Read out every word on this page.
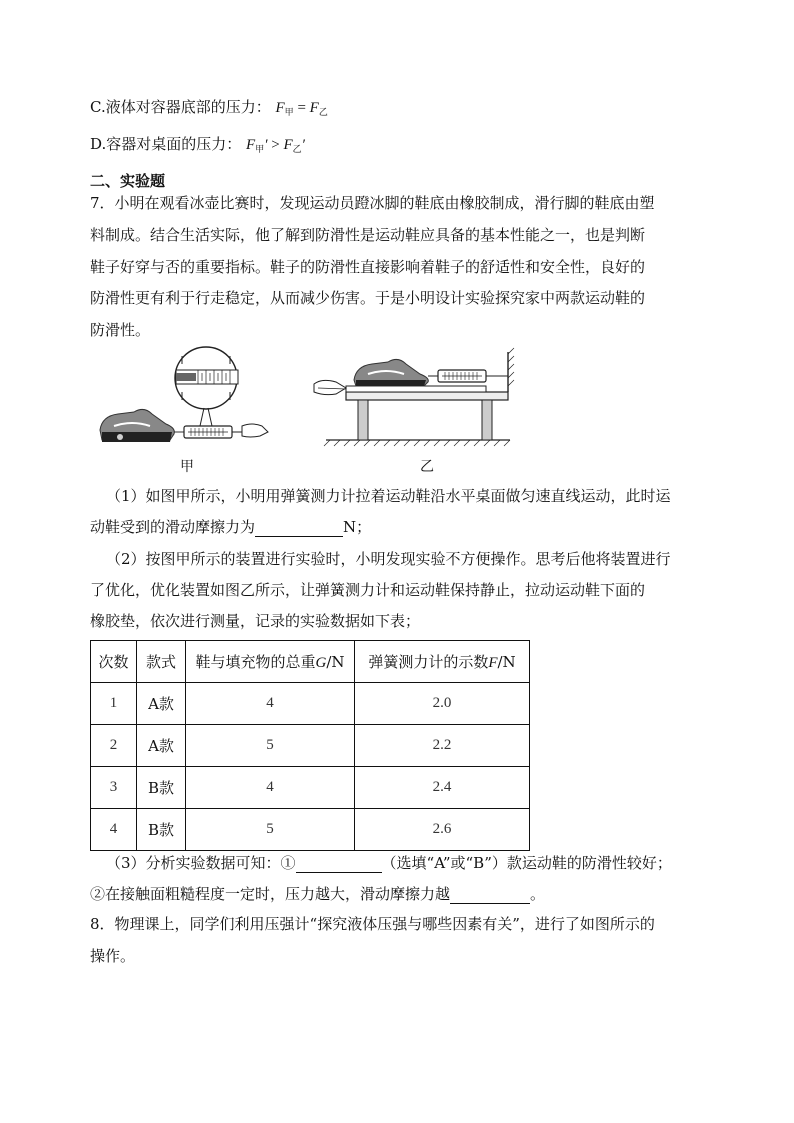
C.液体对容器底部的压力： $F_甲 = F_乙$
D.容器对桌面的压力： $F_甲' > F_乙'$
二、实验题
7．小明在观看冰壶比赛时，发现运动员蹬冰脚的鞋底由橡胶制成，滑行脚的鞋底由塑
料制成。结合生活实际，他了解到防滑性是运动鞋应具备的基本性能之一，也是判断
鞋子好穿与否的重要指标。鞋子的防滑性直接影响着鞋子的舒适性和安全性，良好的
防滑性更有利于行走稳定，从而减少伤害。于是小明设计实验探究家中两款运动鞋的
防滑性。
甲	乙
（1）如图甲所示，小明用弹簧测力计拉着运动鞋沿水平桌面做匀速直线运动，此时运
动鞋受到的滑动摩擦力为	N；
（2）按图甲所示的装置进行实验时，小明发现实验不方便操作。思考后他将装置进行
了优化，优化装置如图乙所示，让弹簧测力计和运动鞋保持静止，拉动运动鞋下面的
橡胶垫，依次进行测量，记录的实验数据如下表；
次数	款式	鞋与填充物的总重G/N	弹簧测力计的示数F/N
1	A款	4	2.0
2	A款	5	2.2
3	B款	4	2.4
4	B款	5	2.6
（3）分析实验数据可知：①	（选填“A”或“B”）款运动鞋的防滑性较好；
②在接触面粗糙程度一定时，压力越大，滑动摩擦力越	。
8．物理课上，同学们利用压强计“探究液体压强与哪些因素有关”，进行了如图所示的
操作。
